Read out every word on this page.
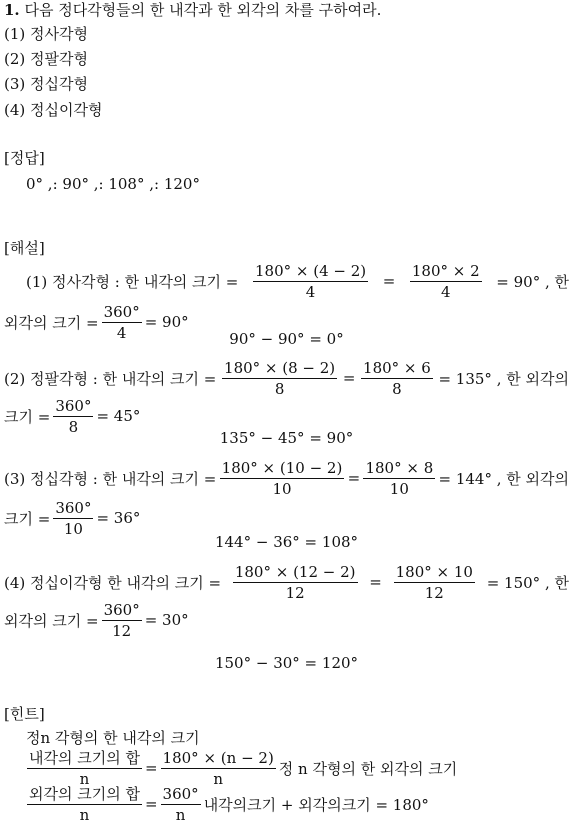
1. 다음 정다각형들의 한 내각과 한 외각의 차를 구하여라.
(1) 정사각형
(2) 정팔각형
(3) 정십각형
(4) 정십이각형
[정답]
0° ,: 90° ,: 108° ,: 120°
[해설]
(1) 정사각형 : 한 내각의 크기 = $\frac{180^\circ \times (4 - 2)}{4} = \frac{180^\circ \times 2}{4} = 90^\circ$ , 한
외각의 크기 = $\frac{360^\circ}{4} = 90^\circ$
90° − 90° = 0°
(2) 정팔각형 : 한 내각의 크기 = $\frac{180^\circ \times (8 - 2)}{8} = \frac{180^\circ \times 6}{8} = 135^\circ$ , 한 외각의
크기 = $\frac{360^\circ}{8} = 45^\circ$
135° − 45° = 90°
(3) 정십각형 : 한 내각의 크기 = $\frac{180^\circ \times (10 - 2)}{10} = \frac{180^\circ \times 8}{10} = 144^\circ$ , 한 외각의
크기 = $\frac{360^\circ}{10} = 36^\circ$
144° − 36° = 108°
(4) 정십이각형 한 내각의 크기 = $\frac{180^\circ \times (12 - 2)}{12} = \frac{180^\circ \times 10}{12} = 150^\circ$ , 한
외각의 크기 = $\frac{360^\circ}{12} = 30^\circ$
150° − 30° = 120°
[힌트]
정n 각형의 한 내각의 크기
$\frac{\text{내각의 크기의 합}}{n} = \frac{180^\circ \times (n - 2)}{n}$ 정 n 각형의 한 외각의 크기
$\frac{\text{외각의 크기의 합}}{n} = \frac{360^\circ}{n}$ 내각의크기 + 외각의크기 = 180°
